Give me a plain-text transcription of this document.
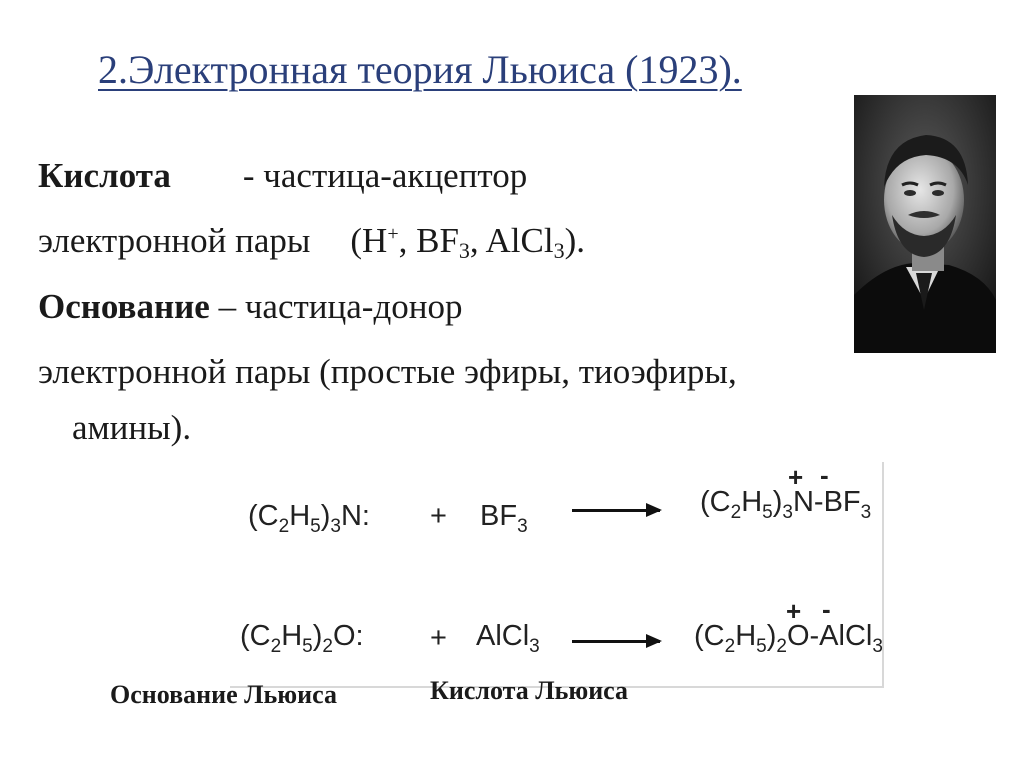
2.Электронная теория Льюиса (1923).
Кислота - частица-акцептор
электронной пары (H+, $BF_3$, AlCl$_3$).
Основание – частица-донор
электронной пары (простые эфиры, тиоэфиры,
амины).
$(C_2H_5)_3N$: + $BF_3$
+ -
$(C_2H_5)_3N-BF_3$
$(C_2H_5)_2O$: + AlCl$_3$
+ -
$(C_2H_5)_2O-AlCl_3$
Основание Льюиса	Кислота Льюиса
